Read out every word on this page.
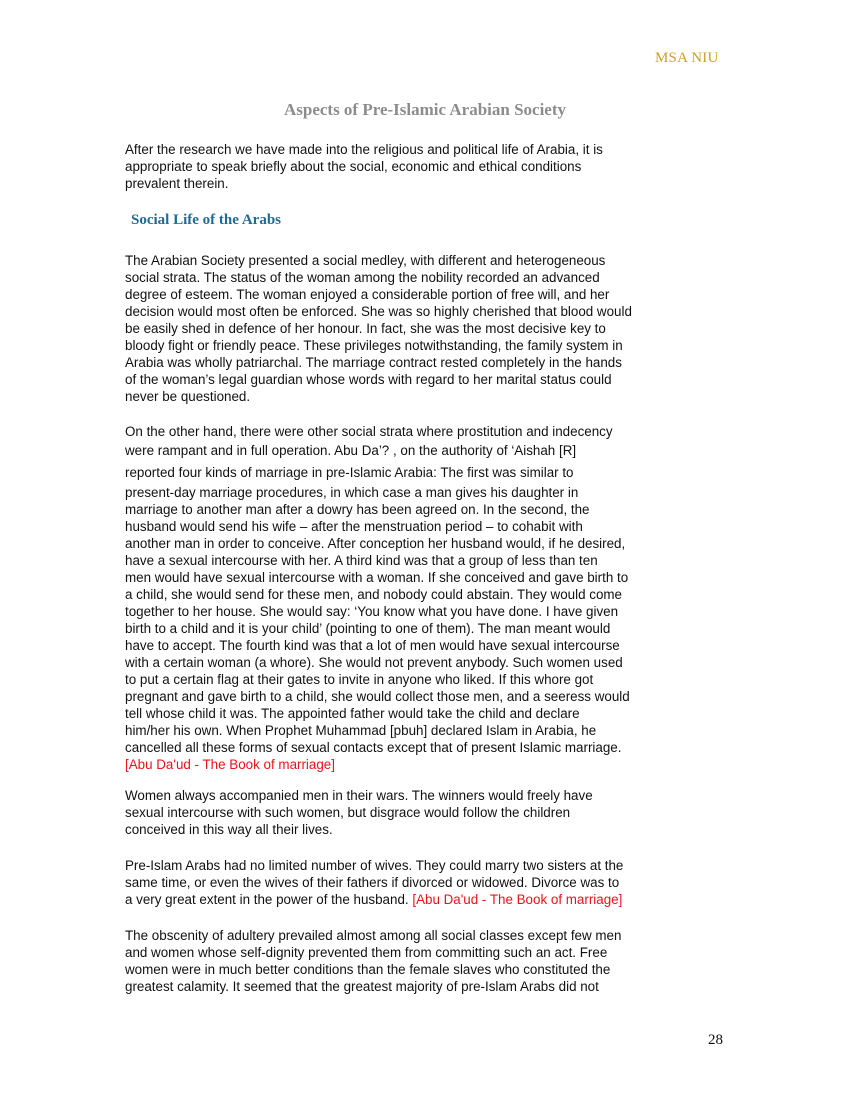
MSA NIU
Aspects of Pre-Islamic Arabian Society
After the research we have made into the religious and political life of Arabia, it is
appropriate to speak briefly about the social, economic and ethical conditions
prevalent therein.
Social Life of the Arabs
The Arabian Society presented a social medley, with different and heterogeneous
social strata. The status of the woman among the nobility recorded an advanced
degree of esteem. The woman enjoyed a considerable portion of free will, and her
decision would most often be enforced. She was so highly cherished that blood would
be easily shed in defence of her honour. In fact, she was the most decisive key to
bloody fight or friendly peace. These privileges notwithstanding, the family system in
Arabia was wholly patriarchal. The marriage contract rested completely in the hands
of the woman’s legal guardian whose words with regard to her marital status could
never be questioned.
On the other hand, there were other social strata where prostitution and indecency
were rampant and in full operation. Abu Da’? , on the authority of ‘Aishah [R]
reported four kinds of marriage in pre-Islamic Arabia: The first was similar to
present-day marriage procedures, in which case a man gives his daughter in
marriage to another man after a dowry has been agreed on. In the second, the
husband would send his wife – after the menstruation period – to cohabit with
another man in order to conceive. After conception her husband would, if he desired,
have a sexual intercourse with her. A third kind was that a group of less than ten
men would have sexual intercourse with a woman. If she conceived and gave birth to
a child, she would send for these men, and nobody could abstain. They would come
together to her house. She would say: ‘You know what you have done. I have given
birth to a child and it is your child’ (pointing to one of them). The man meant would
have to accept. The fourth kind was that a lot of men would have sexual intercourse
with a certain woman (a whore). She would not prevent anybody. Such women used
to put a certain flag at their gates to invite in anyone who liked. If this whore got
pregnant and gave birth to a child, she would collect those men, and a seeress would
tell whose child it was. The appointed father would take the child and declare
him/her his own. When Prophet Muhammad [pbuh] declared Islam in Arabia, he
cancelled all these forms of sexual contacts except that of present Islamic marriage.
[Abu Da'ud - The Book of marriage]
Women always accompanied men in their wars. The winners would freely have
sexual intercourse with such women, but disgrace would follow the children
conceived in this way all their lives.
Pre-Islam Arabs had no limited number of wives. They could marry two sisters at the
same time, or even the wives of their fathers if divorced or widowed. Divorce was to
a very great extent in the power of the husband. [Abu Da'ud - The Book of marriage]
The obscenity of adultery prevailed almost among all social classes except few men
and women whose self-dignity prevented them from committing such an act. Free
women were in much better conditions than the female slaves who constituted the
greatest calamity. It seemed that the greatest majority of pre-Islam Arabs did not
28
